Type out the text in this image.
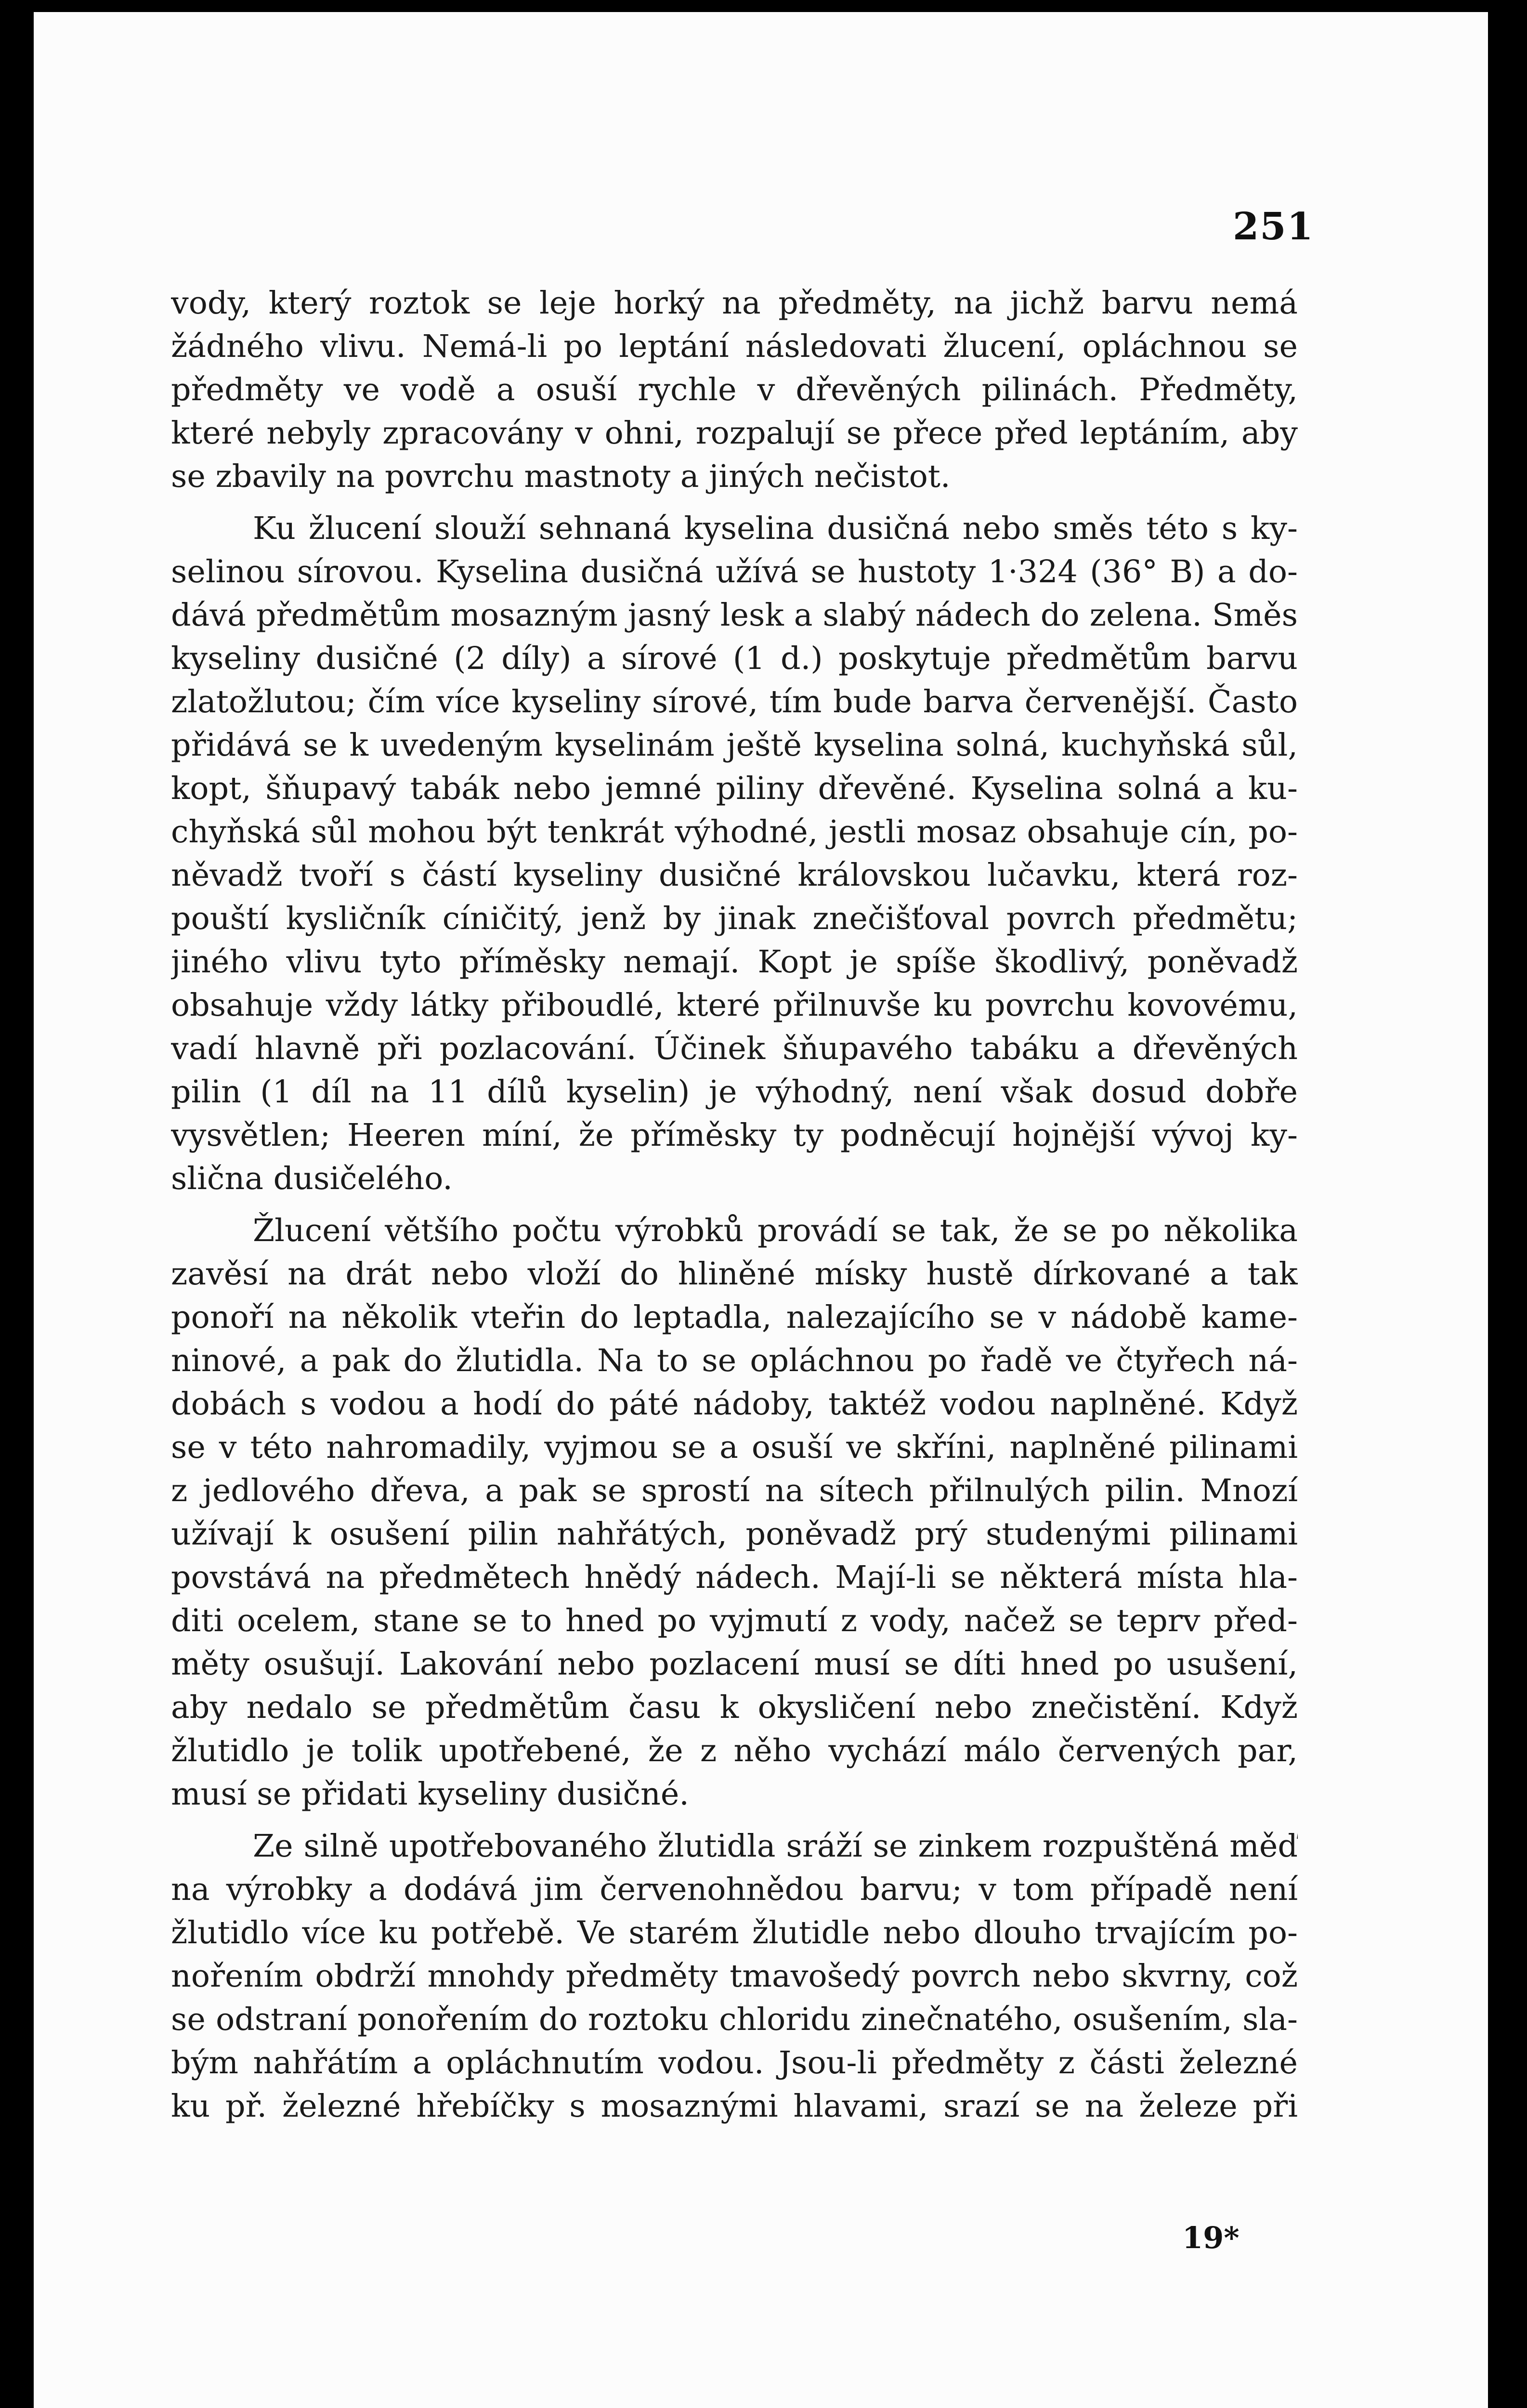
251
vody, který roztok se leje horký na předměty, na jichž barvu nemá
žádného vlivu. Nemá-li po leptání následovati žlucení, opláchnou se
předměty ve vodě a osuší rychle v dřevěných pilinách. Předměty,
které nebyly zpracovány v ohni, rozpalují se přece před leptáním, aby
se zbavily na povrchu mastnoty a jiných nečistot.
Ku žlucení slouží sehnaná kyselina dusičná nebo směs této s ky-
selinou sírovou. Kyselina dusičná užívá se hustoty 1·324 (36° B) a do-
dává předmětům mosazným jasný lesk a slabý nádech do zelena. Směs
kyseliny dusičné (2 díly) a sírové (1 d.) poskytuje předmětům barvu
zlatožlutou; čím více kyseliny sírové, tím bude barva červenější. Často
přidává se k uvedeným kyselinám ještě kyselina solná, kuchyňská sůl,
kopt, šňupavý tabák nebo jemné piliny dřevěné. Kyselina solná a ku-
chyňská sůl mohou být tenkrát výhodné, jestli mosaz obsahuje cín, po-
něvadž tvoří s částí kyseliny dusičné královskou lučavku, která roz-
pouští kysličník cíničitý, jenž by jinak znečišťoval povrch předmětu;
jiného vlivu tyto příměsky nemají. Kopt je spíše škodlivý, poněvadž
obsahuje vždy látky přiboudlé, které přilnuvše ku povrchu kovovému,
vadí hlavně při pozlacování. Účinek šňupavého tabáku a dřevěných
pilin (1 díl na 11 dílů kyselin) je výhodný, není však dosud dobře
vysvětlen; Heeren míní, že příměsky ty podněcují hojnější vývoj ky-
slična dusičelého.
Žlucení většího počtu výrobků provádí se tak, že se po několika
zavěsí na drát nebo vloží do hliněné mísky hustě dírkované a tak
ponoří na několik vteřin do leptadla, nalezajícího se v nádobě kame-
ninové, a pak do žlutidla. Na to se opláchnou po řadě ve čtyřech ná-
dobách s vodou a hodí do páté nádoby, taktéž vodou naplněné. Když
se v této nahromadily, vyjmou se a osuší ve skříni, naplněné pilinami
z jedlového dřeva, a pak se sprostí na sítech přilnulých pilin. Mnozí
užívají k osušení pilin nahřátých, poněvadž prý studenými pilinami
povstává na předmětech hnědý nádech. Mají-li se některá místa hla-
diti ocelem, stane se to hned po vyjmutí z vody, načež se teprv před-
měty osušují. Lakování nebo pozlacení musí se díti hned po usušení,
aby nedalo se předmětům času k okysličení nebo znečistění. Když
žlutidlo je tolik upotřebené, že z něho vychází málo červených par,
musí se přidati kyseliny dusičné.
Ze silně upotřebovaného žlutidla sráží se zinkem rozpuštěná měď
na výrobky a dodává jim červenohnědou barvu; v tom případě není
žlutidlo více ku potřebě. Ve starém žlutidle nebo dlouho trvajícím po-
nořením obdrží mnohdy předměty tmavošedý povrch nebo skvrny, což
se odstraní ponořením do roztoku chloridu zinečnatého, osušením, sla-
bým nahřátím a opláchnutím vodou. Jsou-li předměty z části železné
ku př. železné hřebíčky s mosaznými hlavami, srazí se na železe při
19*
